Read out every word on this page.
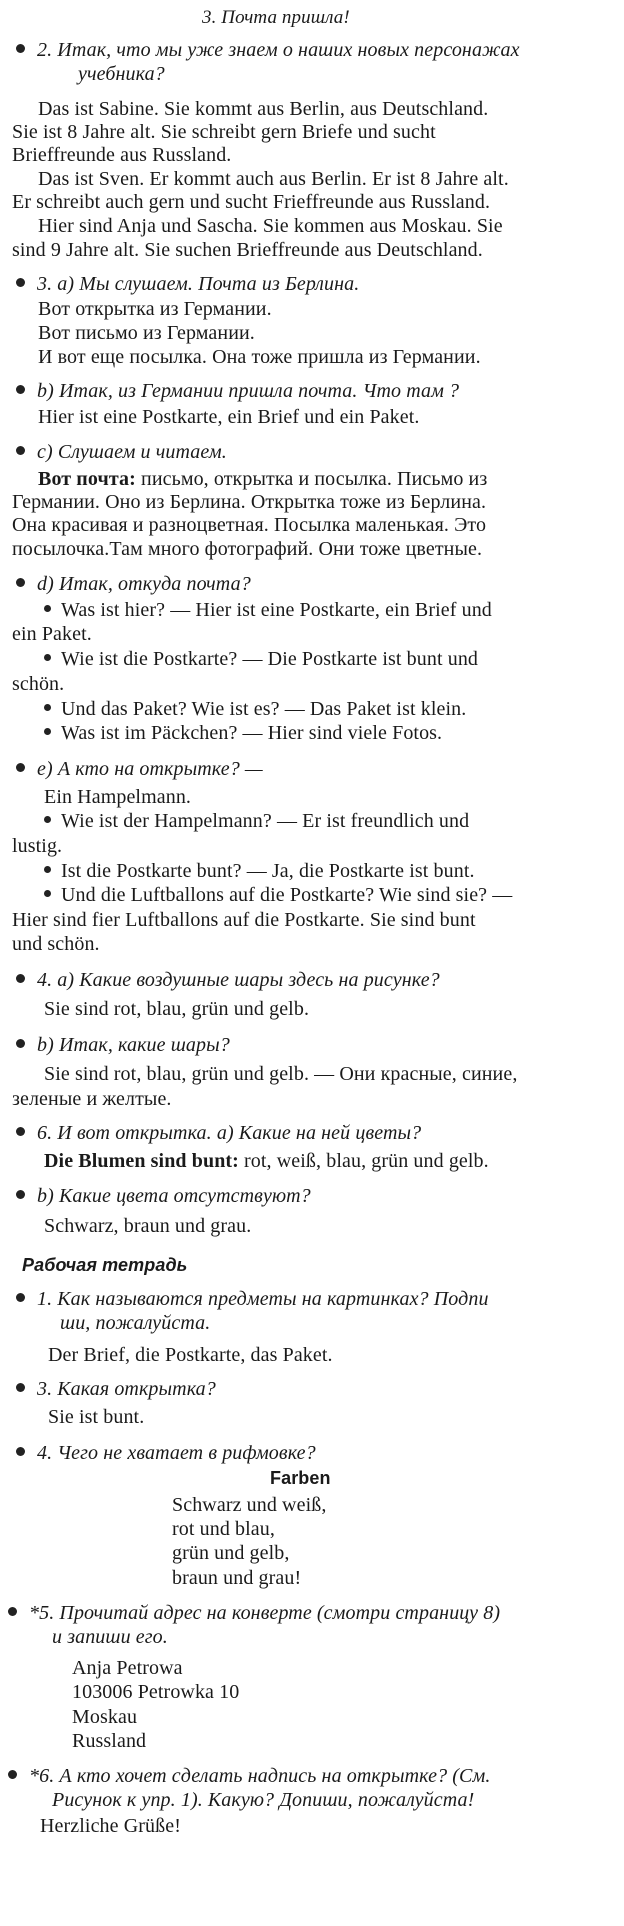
3. Почта пришла!
2. Итак, что мы уже знаем о наших новых персонажах
учебника?
Das ist Sabine. Sie kommt aus Berlin, aus Deutschland.
Sie ist 8 Jahre alt. Sie schreibt gern Briefe und sucht
Brieffreunde aus Russland.
Das ist Sven. Er kommt auch aus Berlin. Er ist 8 Jahre alt.
Er schreibt auch gern und sucht Frieffreunde aus Russland.
Hier sind Anja und Sascha. Sie kommen aus Moskau. Sie
sind 9 Jahre alt. Sie suchen Brieffreunde aus Deutschland.
3. а) Мы слушаем. Почта из Берлина.
Вот открытка из Германии.
Вот письмо из Германии.
И вот еще посылка. Она тоже пришла из Германии.
b) Итак, из Германии пришла почта. Что там ?
Hier ist eine Postkarte, ein Brief und ein Paket.
c) Слушаем и читаем.
Вот почта: письмо, открытка и посылка. Письмо из
Германии. Оно из Берлина. Открытка тоже из Берлина.
Она красивая и разноцветная. Посылка маленькая. Это
посылочка.Там много фотографий. Они тоже цветные.
d) Итак, откуда почта?
Was ist hier? — Hier ist eine Postkarte, ein Brief und
ein Paket.
Wie ist die Postkarte? — Die Postkarte ist bunt und
schön.
Und das Paket? Wie ist es? — Das Paket ist klein.
Was ist im Päckchen? — Hier sind viele Fotos.
e) А кто на открытке? —
Ein Hampelmann.
Wie ist der Hampelmann? — Er ist freundlich und
lustig.
Ist die Postkarte bunt? — Ja, die Postkarte ist bunt.
Und die Luftballons auf die Postkarte? Wie sind sie? —
Hier sind fier Luftballons auf die Postkarte. Sie sind bunt
und schön.
4. а) Какие воздушные шары здесь на рисунке?
Sie sind rot, blau, grün und gelb.
b) Итак, какие шары?
Sie sind rot, blau, grün und gelb. — Они красные, синие,
зеленые и желтые.
6. И вот открытка. а) Какие на ней цветы?
Die Blumen sind bunt: rot, weiß, blau, grün und gelb.
b) Какие цвета отсутствуют?
Schwarz, braun und grau.
Рабочая тетрадь
1. Как называются предметы на картинках? Подпи
ши, пожалуйста.
Der Brief, die Postkarte, das Paket.
3. Какая открытка?
Sie ist bunt.
4. Чего не хватает в рифмовке?
Farben
Schwarz und weiß,
rot und blau,
grün und gelb,
braun und grau!
*5. Прочитай адрес на конверте (смотри страницу 8)
и запиши его.
Anja Petrowa
103006 Petrowka 10
Moskau
Russland
*6. А кто хочет сделать надпись на открытке? (См.
Рисунок к упр. 1). Какую? Допиши, пожалуйста!
Herzliche Grüße!
